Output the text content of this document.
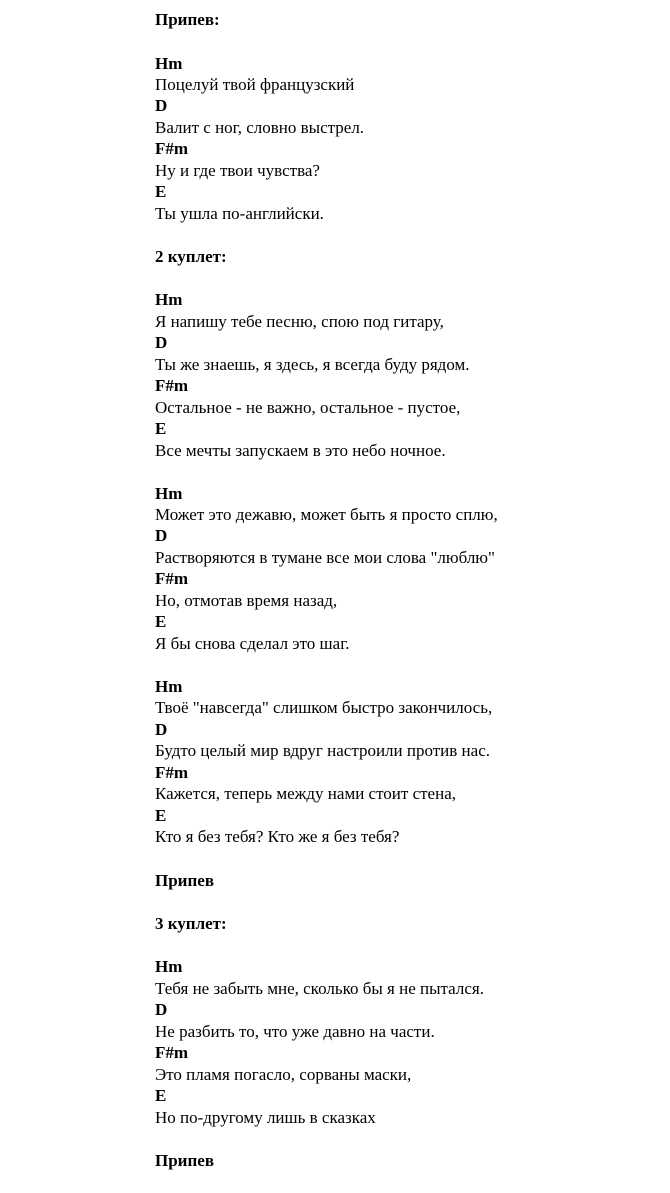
Припев:
Hm
Поцелуй твой французский
D
Валит с ног, словно выстрел.
F#m
Ну и где твои чувства?
E
Ты ушла по-английски.
2 куплет:
Hm
Я напишу тебе песню, спою под гитару,
D
Ты же знаешь, я здесь, я всегда буду рядом.
F#m
Остальное - не важно, остальное - пустое,
E
Все мечты запускаем в это небо ночное.
Hm
Может это дежавю, может быть я просто сплю,
D
Растворяются в тумане все мои слова "люблю"
F#m
Но, отмотав время назад,
E
Я бы снова сделал это шаг.
Hm
Твоё "навсегда" слишком быстро закончилось,
D
Будто целый мир вдруг настроили против нас.
F#m
Кажется, теперь между нами стоит стена,
E
Кто я без тебя? Кто же я без тебя?
Припев
3 куплет:
Hm
Тебя не забыть мне, сколько бы я не пытался.
D
Не разбить то, что уже давно на части.
F#m
Это пламя погасло, сорваны маски,
E
Но по-другому лишь в сказках
Припев
